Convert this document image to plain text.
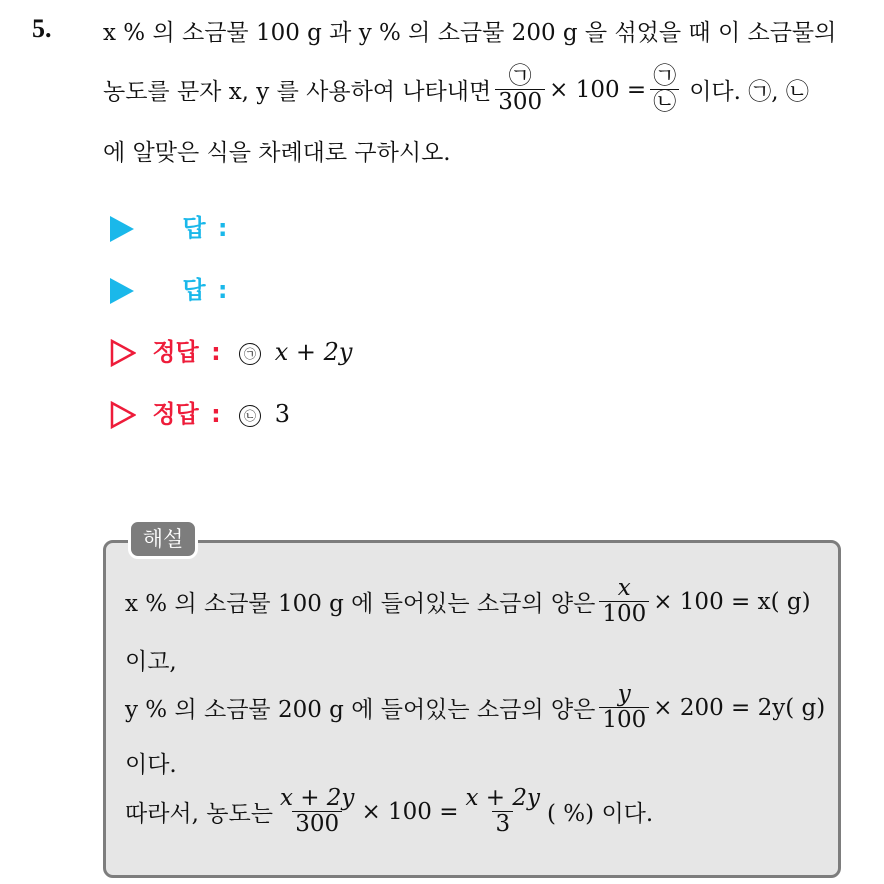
5. x % 의 소금물 100 g 과 y % 의 소금물 200 g 을 섞었을 때 이 소금물의
농도를 문자 x, y 를 사용하여 나타내면 $\frac{㉠}{300} \times 100 = \frac{㉠}{㉡}$ 이다. ㉠, ㉡
에 알맞은 식을 차례대로 구하시오.
답 :
답 :
정답 : ㉠ x + 2y
정답 : ㉡ 3
해설
x % 의 소금물 100 g 에 들어있는 소금의 양은 $\frac{x}{100} \times 100 = x$( g)
이고,
y % 의 소금물 200 g 에 들어있는 소금의 양은 $\frac{y}{100} \times 200 = 2y$( g)
이다.
따라서, 농도는 $\frac{x + 2y}{300} \times 100 = \frac{x + 2y}{3}$ ( %) 이다.
